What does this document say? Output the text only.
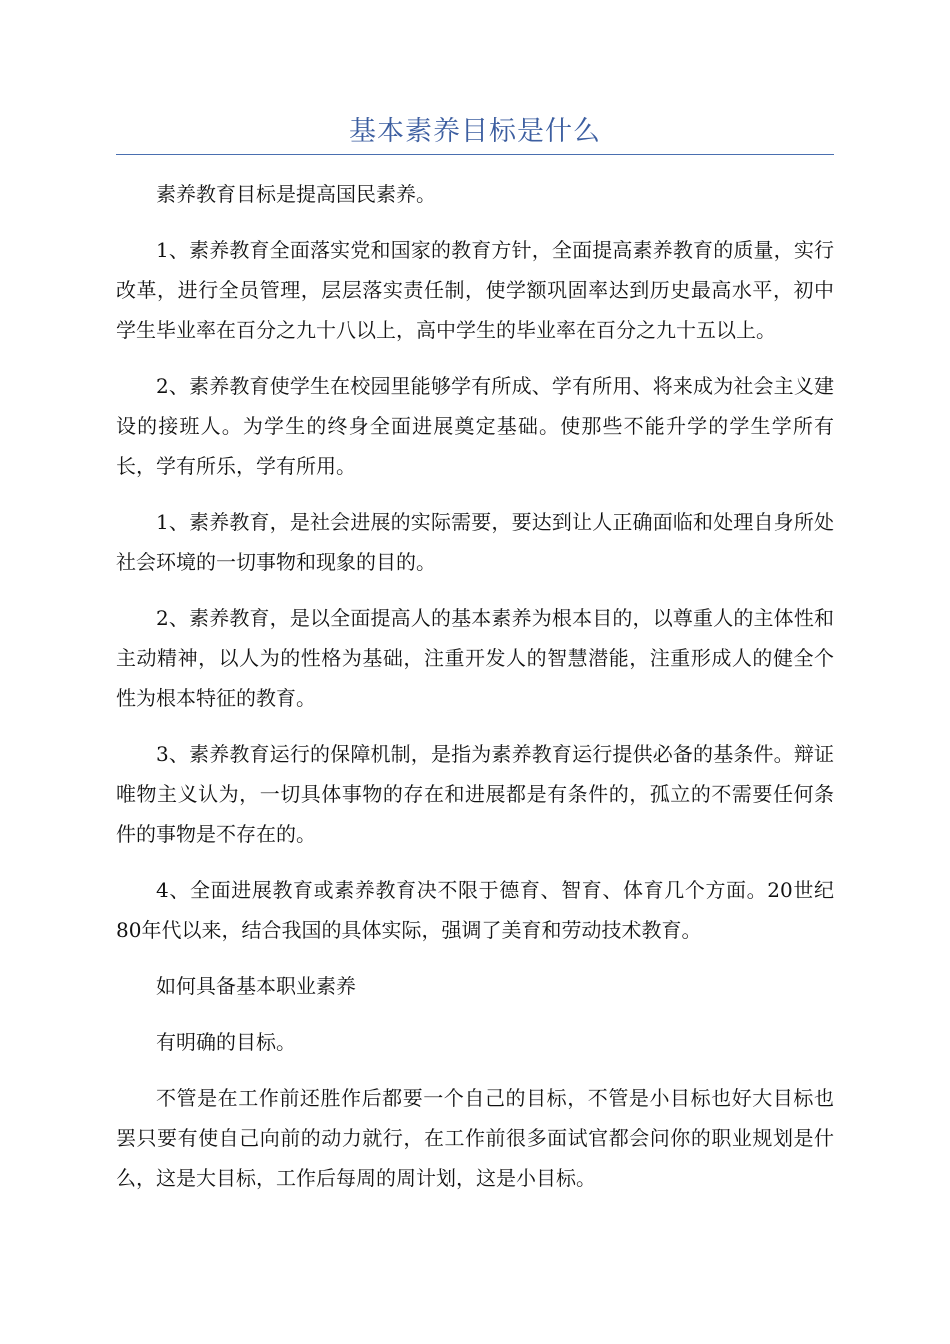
基本素养目标是什么

素养教育目标是提高国民素养。

1、素养教育全面落实党和国家的教育方针，全面提高素养教育的质量，实行改革，进行全员管理，层层落实责任制，使学额巩固率达到历史最高水平，初中学生毕业率在百分之九十八以上，高中学生的毕业率在百分之九十五以上。

2、素养教育使学生在校园里能够学有所成、学有所用、将来成为社会主义建设的接班人。为学生的终身全面进展奠定基础。使那些不能升学的学生学所有长，学有所乐，学有所用。

1、素养教育，是社会进展的实际需要，要达到让人正确面临和处理自身所处社会环境的一切事物和现象的目的。

2、素养教育，是以全面提高人的基本素养为根本目的，以尊重人的主体性和主动精神，以人为的性格为基础，注重开发人的智慧潜能，注重形成人的健全个性为根本特征的教育。

3、素养教育运行的保障机制，是指为素养教育运行提供必备的基条件。辩证唯物主义认为，一切具体事物的存在和进展都是有条件的，孤立的不需要任何条件的事物是不存在的。

4、全面进展教育或素养教育决不限于德育、智育、体育几个方面。20世纪80年代以来，结合我国的具体实际，强调了美育和劳动技术教育。

如何具备基本职业素养

有明确的目标。

不管是在工作前还胜作后都要一个自己的目标，不管是小目标也好大目标也罢只要有使自己向前的动力就行，在工作前很多面试官都会问你的职业规划是什么，这是大目标，工作后每周的周计划，这是小目标。
